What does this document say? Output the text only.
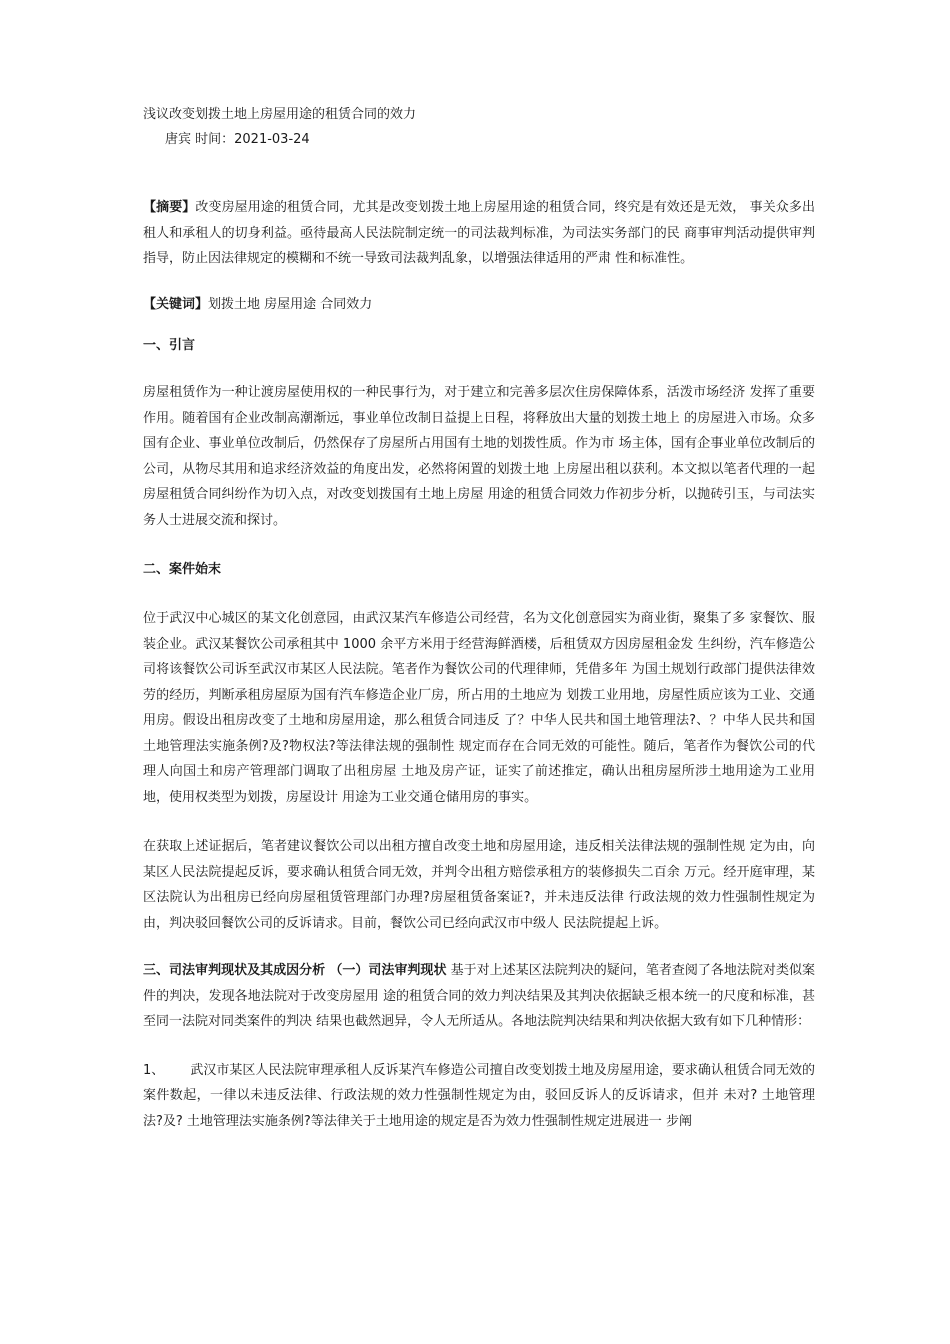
浅议改变划拨土地上房屋用途的租赁合同的效力
唐宾 时间：2021-03-24

【摘要】改变房屋用途的租赁合同，尤其是改变划拨土地上房屋用途的租赁合同，终究是有效还是无效， 事关众多出租人和承租人的切身利益。亟待最高人民法院制定统一的司法裁判标准，为司法实务部门的民 商事审判活动提供审判指导，防止因法律规定的模糊和不统一导致司法裁判乱象，以增强法律适用的严肃 性和标准性。

【关键词】划拨土地 房屋用途 合同效力

一、引言

房屋租赁作为一种让渡房屋使用权的一种民事行为，对于建立和完善多层次住房保障体系，活泼市场经济 发挥了重要作用。随着国有企业改制高潮渐远，事业单位改制日益提上日程，将释放出大量的划拨土地上 的房屋进入市场。众多国有企业、事业单位改制后，仍然保存了房屋所占用国有土地的划拨性质。作为市 场主体，国有企事业单位改制后的公司，从物尽其用和追求经济效益的角度出发，必然将闲置的划拨土地 上房屋出租以获利。本文拟以笔者代理的一起房屋租赁合同纠纷作为切入点，对改变划拨国有土地上房屋 用途的租赁合同效力作初步分析，以抛砖引玉，与司法实务人士进展交流和探讨。

二、案件始末

位于武汉中心城区的某文化创意园，由武汉某汽车修造公司经营，名为文化创意园实为商业街，聚集了多 家餐饮、服装企业。武汉某餐饮公司承租其中 1000 余平方米用于经营海鲜酒楼，后租赁双方因房屋租金发 生纠纷，汽车修造公司将该餐饮公司诉至武汉市某区人民法院。笔者作为餐饮公司的代理律师，凭借多年 为国土规划行政部门提供法律效劳的经历，判断承租房屋原为国有汽车修造企业厂房，所占用的土地应为 划拨工业用地，房屋性质应该为工业、交通用房。假设出租房改变了土地和房屋用途，那么租赁合同违反 了？中华人民共和国土地管理法?、？中华人民共和国土地管理法实施条例?及?物权法?等法律法规的强制性 规定而存在合同无效的可能性。随后，笔者作为餐饮公司的代理人向国土和房产管理部门调取了出租房屋 土地及房产证，证实了前述推定，确认出租房屋所涉土地用途为工业用地，使用权类型为划拨，房屋设计 用途为工业交通仓储用房的事实。

在获取上述证据后，笔者建议餐饮公司以出租方擅自改变土地和房屋用途，违反相关法律法规的强制性规 定为由，向某区人民法院提起反诉，要求确认租赁合同无效，并判令出租方赔偿承租方的装修损失二百余 万元。经开庭审理，某区法院认为出租房已经向房屋租赁管理部门办理?房屋租赁备案证?，并未违反法律 行政法规的效力性强制性规定为由，判决驳回餐饮公司的反诉请求。目前，餐饮公司已经向武汉市中级人 民法院提起上诉。

三、司法审判现状及其成因分析 （一）司法审判现状 基于对上述某区法院判决的疑问，笔者查阅了各地法院对类似案件的判决，发现各地法院对于改变房屋用 途的租赁合同的效力判决结果及其判决依据缺乏根本统一的尺度和标准，甚至同一法院对同类案件的判决 结果也截然迥异，令人无所适从。各地法院判决结果和判决依据大致有如下几种情形：

1、 武汉市某区人民法院审理承租人反诉某汽车修造公司擅自改变划拨土地及房屋用途，要求确认租赁合同无效的案件数起，一律以未违反法律、行政法规的效力性强制性规定为由，驳回反诉人的反诉请求，但并 未对? 土地管理法?及? 土地管理法实施条例?等法律关于土地用途的规定是否为效力性强制性规定进展进一 步阐
